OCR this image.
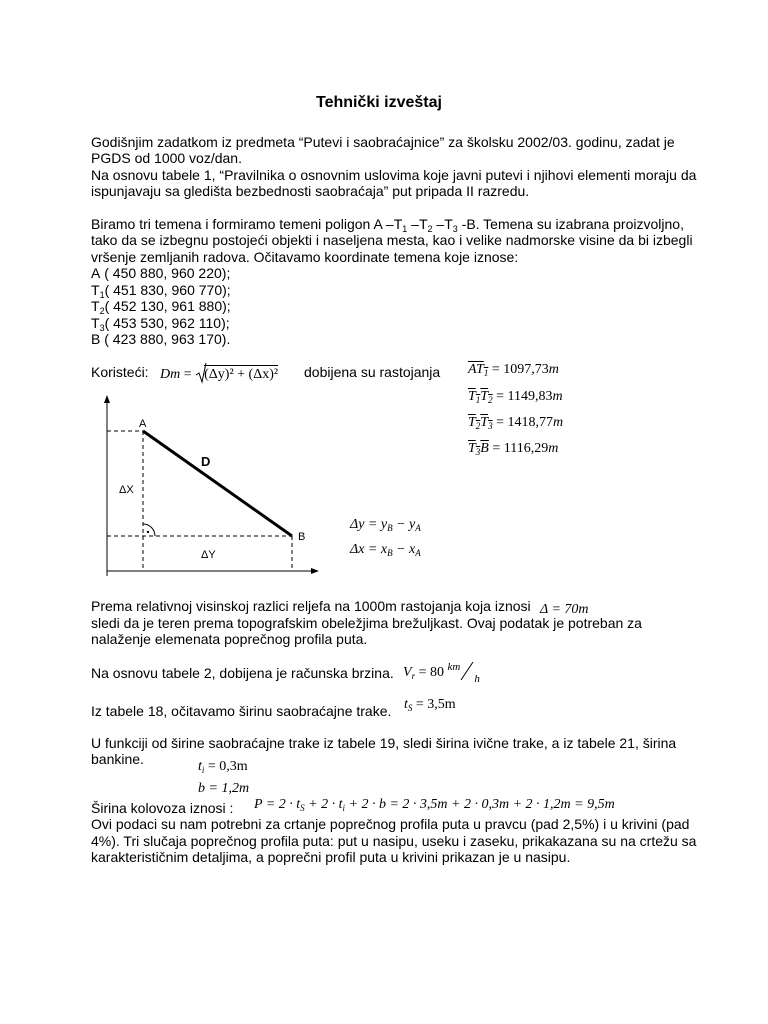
Tehnički izveštaj
Godišnjim zadatkom iz predmeta “Putevi i saobraćajnice” za školsku 2002/03. godinu, zadat je
PGDS od 1000 voz/dan.
Na osnovu tabele 1, “Pravilnika o osnovnim uslovima koje javni putevi i njihovi elementi moraju da
ispunjavaju sa gledišta bezbednosti saobraćaja” put pripada II razredu.
Biramo tri temena i formiramo temeni poligon A $-T_1$ $-T_2$ $-T_3$ -B. Temena su izabrana proizvoljno,
tako da se izbegnu postojeći objekti i naseljena mesta, kao i velike nadmorske visine da bi izbegli
vršenje zemljanih radova. Očitavamo koordinate temena koje iznose:
A ( 450 880, 960 220);
$T_1$( 451 830, 960 770);
$T_2$( 452 130, 961 880);
$T_3$( 453 530, 962 110);
B ( 423 880, 963 170).
Koristeći: Dm = (Δy)² + (Δx)² dobijena su rastojanja $AT_1 = 1097,73m$
$T_1T_2 = 1149,83m$
$T_2T_3 = 1418,77m$
$T_3B = 1116,29m$
A
B
D
ΔX
ΔY
$\Delta y = y_B - y_A$
$\Delta x = x_B - x_A$
Prema relativnoj visinskoj razlici reljefa na 1000m rastojanja koja iznosi Δ = 70m
sledi da je teren prema topografskim obeležjima brežuljkast. Ovaj podatak je potreban za
nalaženje elemenata poprečnog profila puta.
Na osnovu tabele 2, dobijena je računska brzina. $V_r = 80$ $^{km}_h$
Iz tabele 18, očitavamo širinu saobraćajne trake. $t_S = 3,5m$
U funkciji od širine saobraćajne trake iz tabele 19, sledi širina ivične trake, a iz tabele 21, širina
bankine.	$t_i = 0,3m$
b = 1,2m
Širina kolovoza iznosi : $P = 2 \cdot t_S + 2 \cdot t_i + 2 \cdot b = 2 \cdot 3,5m + 2 \cdot 0,3m + 2 \cdot 1,2m = 9,5m$
Ovi podaci su nam potrebni za crtanje poprečnog profila puta u pravcu (pad 2,5%) i u krivini (pad
4%). Tri slučaja poprečnog profila puta: put u nasipu, useku i zaseku, prikakazana su na crtežu sa
karakterističnim detaljima, a poprečni profil puta u krivini prikazan je u nasipu.
